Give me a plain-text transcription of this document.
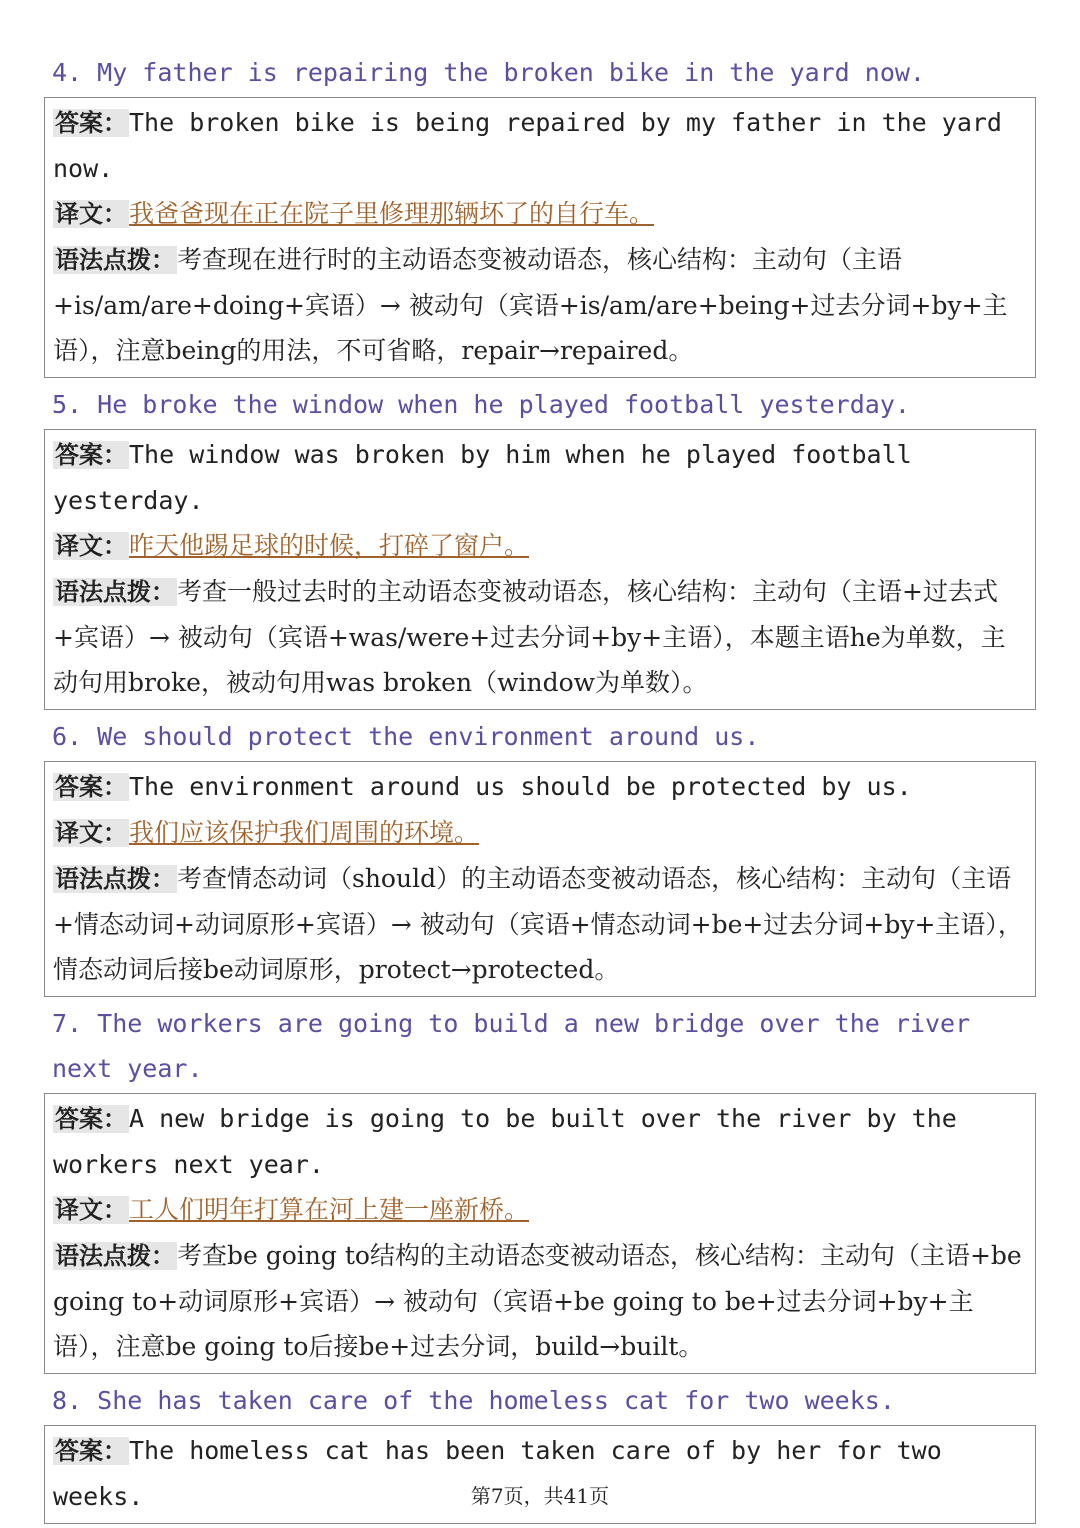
4. My father is repairing the broken bike in the yard now.

答案：The broken bike is being repaired by my father in the yard now.

译文：我爸爸现在正在院子里修理那辆坏了的自行车。

语法点拨：考查现在进行时的主动语态变被动语态，核心结构：主动句（主语+is/am/are+doing+宾语）→ 被动句（宾语+is/am/are+being+过去分词+by+主语），注意being的用法，不可省略，repair→repaired。

5. He broke the window when he played football yesterday.

答案：The window was broken by him when he played football yesterday.

译文：昨天他踢足球的时候，打碎了窗户。

语法点拨：考查一般过去时的主动语态变被动语态，核心结构：主动句（主语+过去式+宾语）→ 被动句（宾语+was/were+过去分词+by+主语），本题主语he为单数，主动句用broke，被动句用was broken（window为单数）。

6. We should protect the environment around us.

答案：The environment around us should be protected by us.

译文：我们应该保护我们周围的环境。

语法点拨：考查情态动词（should）的主动语态变被动语态，核心结构：主动句（主语+情态动词+动词原形+宾语）→ 被动句（宾语+情态动词+be+过去分词+by+主语），情态动词后接be动词原形，protect→protected。

7. The workers are going to build a new bridge over the river next year.

答案：A new bridge is going to be built over the river by the workers next year.

译文：工人们明年打算在河上建一座新桥。

语法点拨：考查be going to结构的主动语态变被动语态，核心结构：主动句（主语+be going to+动词原形+宾语）→ 被动句（宾语+be going to be+过去分词+by+主语），注意be going to后接be+过去分词，build→built。

8. She has taken care of the homeless cat for two weeks.

答案：The homeless cat has been taken care of by her for two weeks.	第7页，共41页
